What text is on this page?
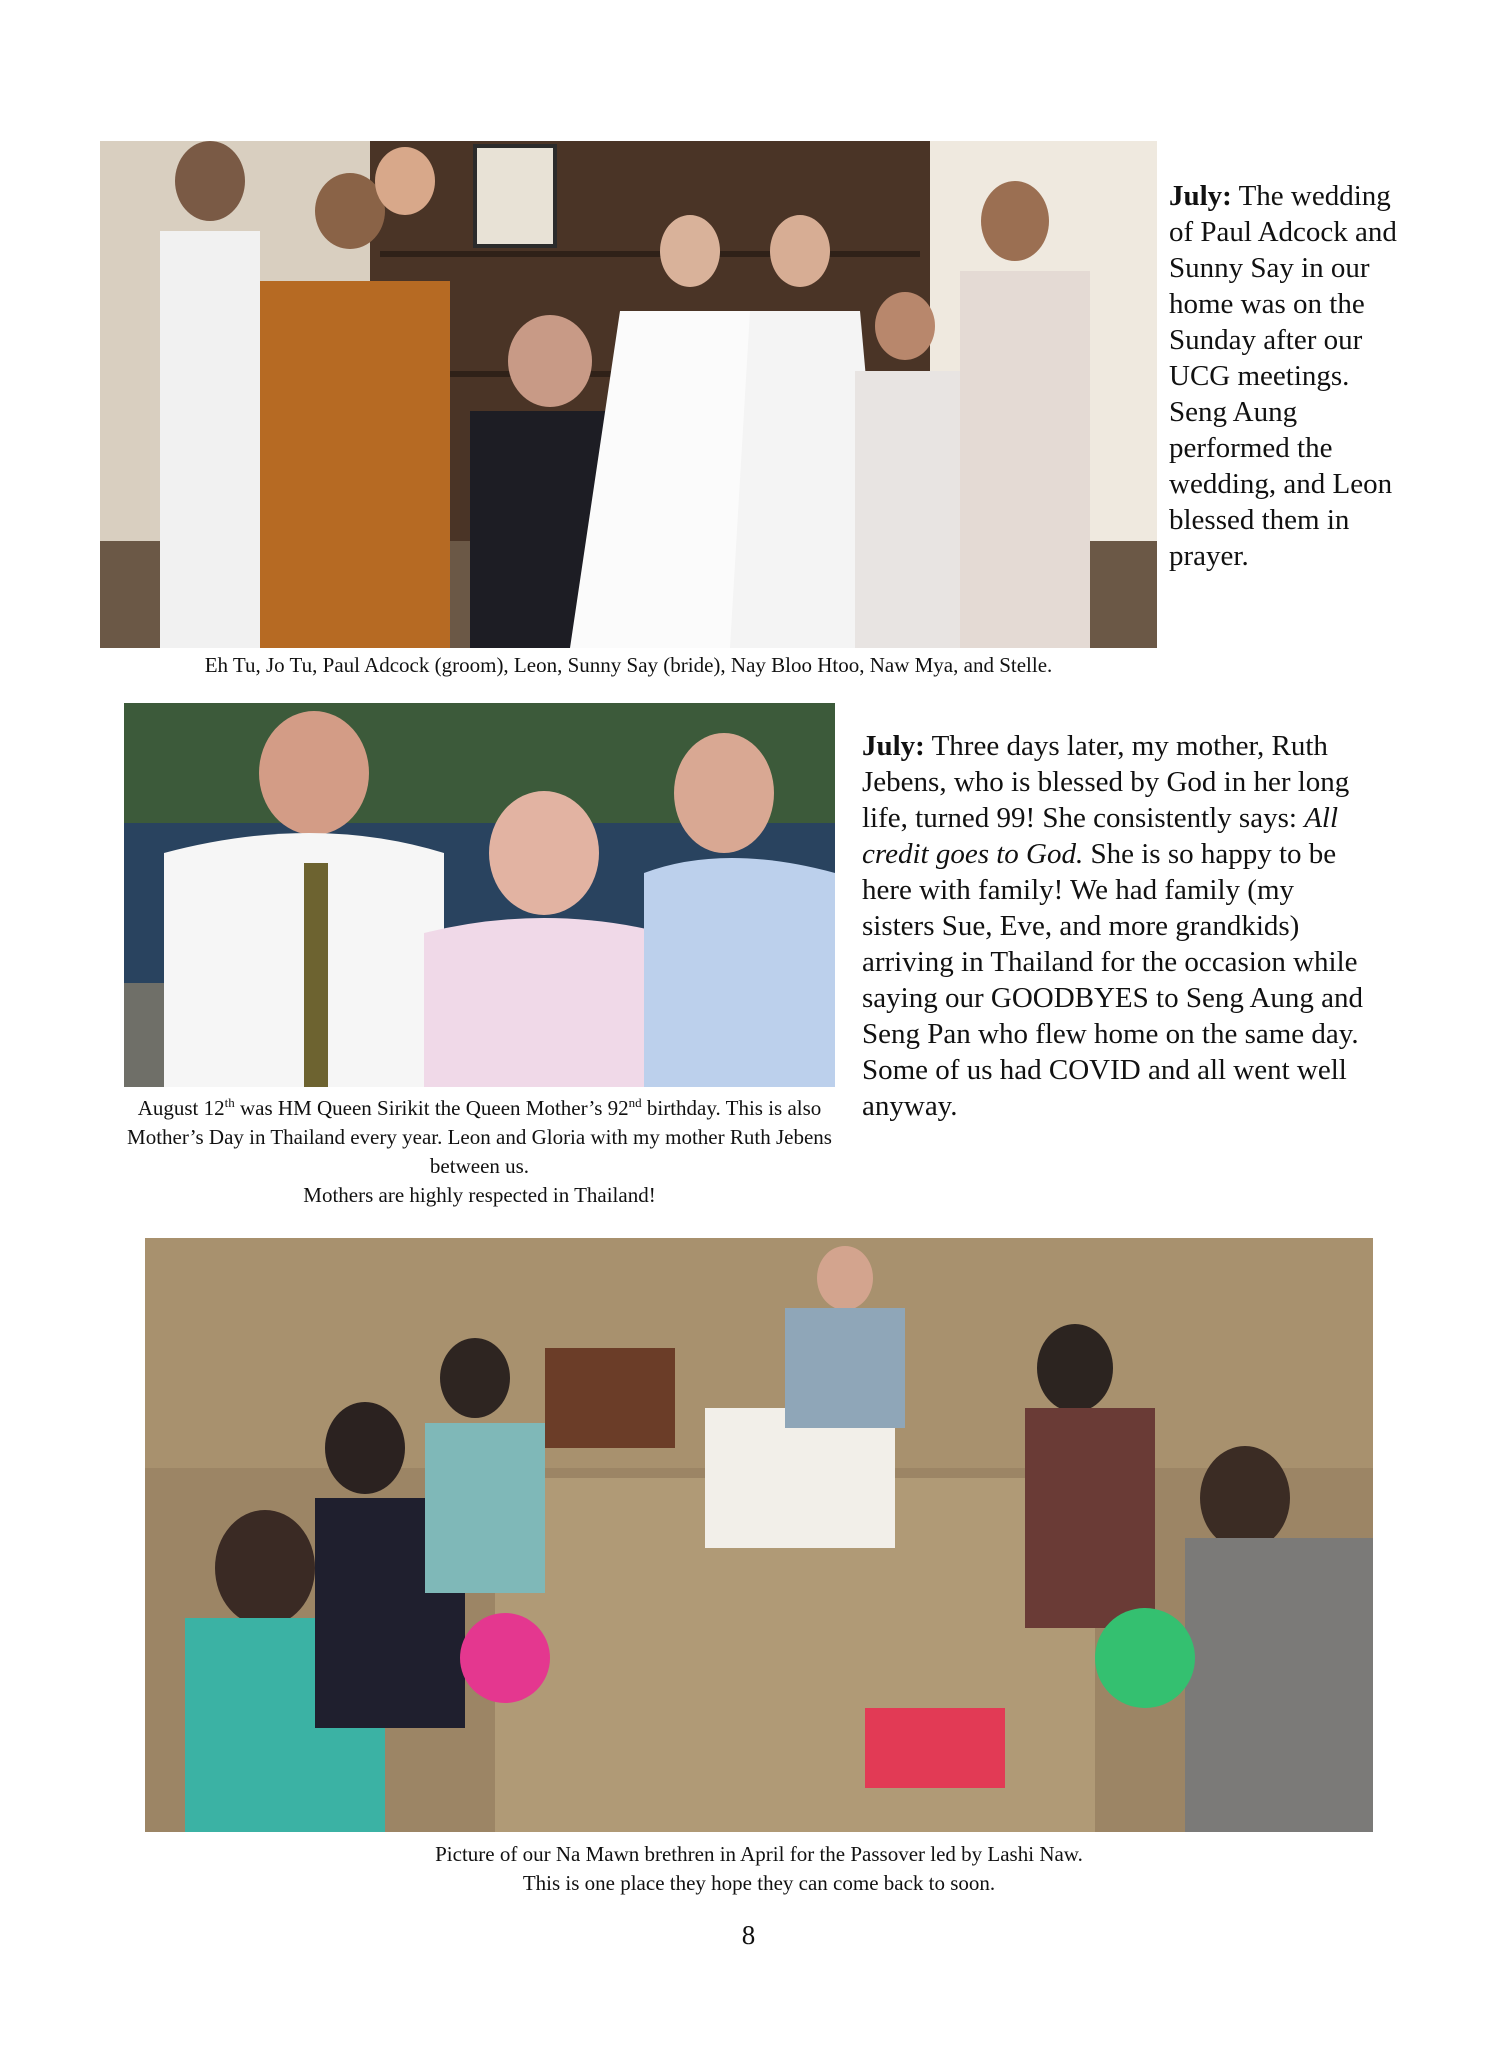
July: The wedding of Paul Adcock and Sunny Say in our home was on the Sunday after our UCG meetings. Seng Aung performed the wedding, and Leon blessed them in prayer.
Eh Tu, Jo Tu, Paul Adcock (groom), Leon, Sunny Say (bride), Nay Bloo Htoo, Naw Mya, and Stelle.
July: Three days later, my mother, Ruth Jebens, who is blessed by God in her long life, turned 99! She consistently says: All credit goes to God. She is so happy to be here with family! We had family (my sisters Sue, Eve, and more grandkids) arriving in Thailand for the occasion while saying our GOODBYES to Seng Aung and Seng Pan who flew home on the same day. Some of us had COVID and all went well anyway.
August 12th was HM Queen Sirikit the Queen Mother’s 92nd birthday. This is also Mother’s Day in Thailand every year. Leon and Gloria with my mother Ruth Jebens between us.
Mothers are highly respected in Thailand!
Picture of our Na Mawn brethren in April for the Passover led by Lashi Naw.
This is one place they hope they can come back to soon.
8
